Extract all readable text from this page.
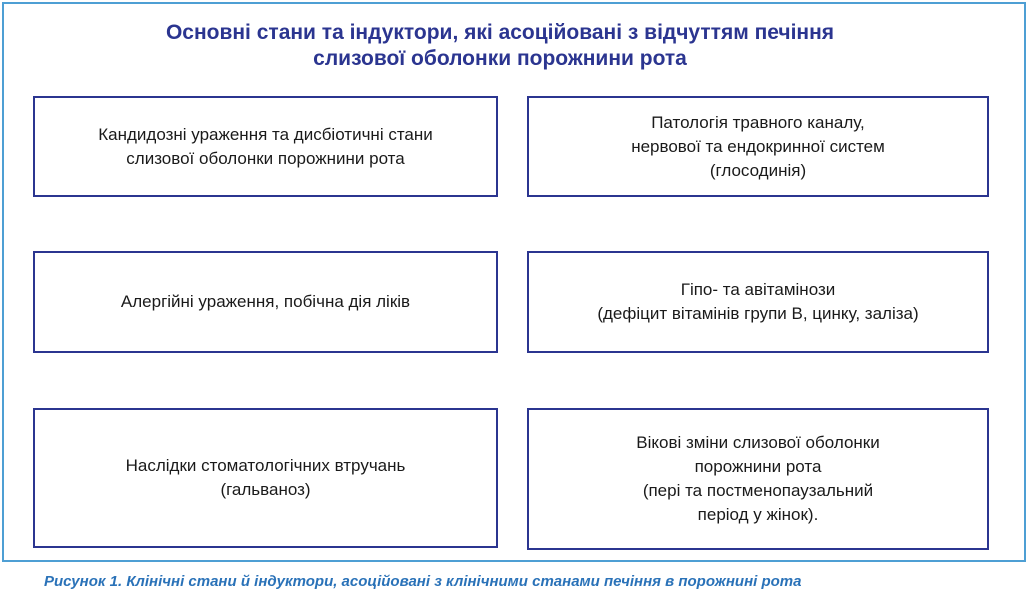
Основні стани та індуктори, які асоційовані з відчуттям печіння
слизової оболонки порожнини рота
Кандидозні ураження та дисбіотичні стани
слизової оболонки порожнини рота
Патологія травного каналу,
нервової та ендокринної систем
(глосодинія)
Алергійні ураження, побічна дія ліків
Гіпо- та авітамінози
(дефіцит вітамінів групи В, цинку, заліза)
Наслідки стоматологічних втручань
(гальваноз)
Вікові зміни слизової оболонки
порожнини рота
(пері та постменопаузальний
період у жінок).
Рисунок 1. Клінічні стани й індуктори, асоційовані з клінічними станами печіння в порожнині рота
